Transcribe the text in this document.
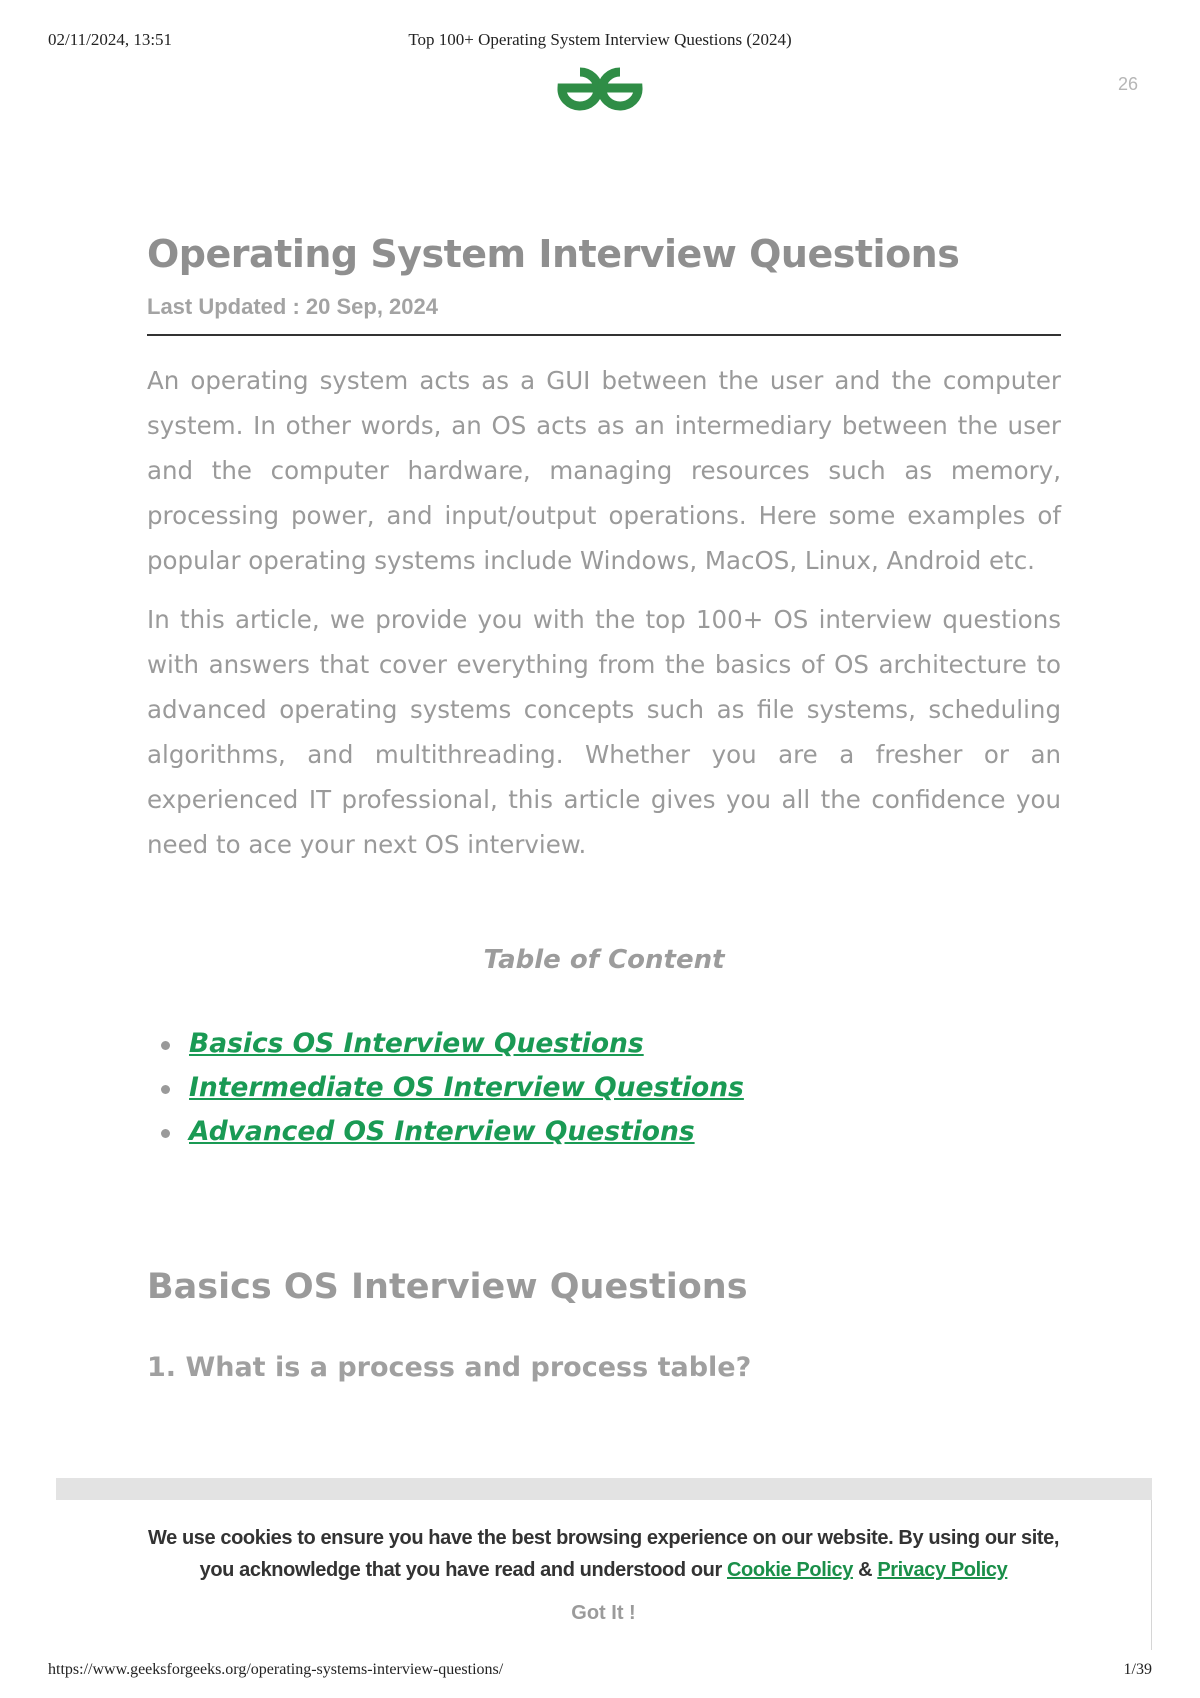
02/11/2024, 13:51	Top 100+ Operating System Interview Questions (2024)
26
Operating System Interview Questions
Last Updated : 20 Sep, 2024

An operating system acts as a GUI between the user and the computer system. In other words, an OS acts as an intermediary between the user and the computer hardware, managing resources such as memory, processing power, and input/output operations. Here some examples of popular operating systems include Windows, MacOS, Linux, Android etc.

In this article, we provide you with the top 100+ OS interview questions with answers that cover everything from the basics of OS architecture to advanced operating systems concepts such as file systems, scheduling algorithms, and multithreading. Whether you are a fresher or an experienced IT professional, this article gives you all the confidence you need to ace your next OS interview.

Table of Content
Basics OS Interview Questions
Intermediate OS Interview Questions
Advanced OS Interview Questions
Basics OS Interview Questions
1. What is a process and process table?
We use cookies to ensure you have the best browsing experience on our website. By using our site, you acknowledge that you have read and understood our Cookie Policy & Privacy Policy
Got It !
https://www.geeksforgeeks.org/operating-systems-interview-questions/	1/39
